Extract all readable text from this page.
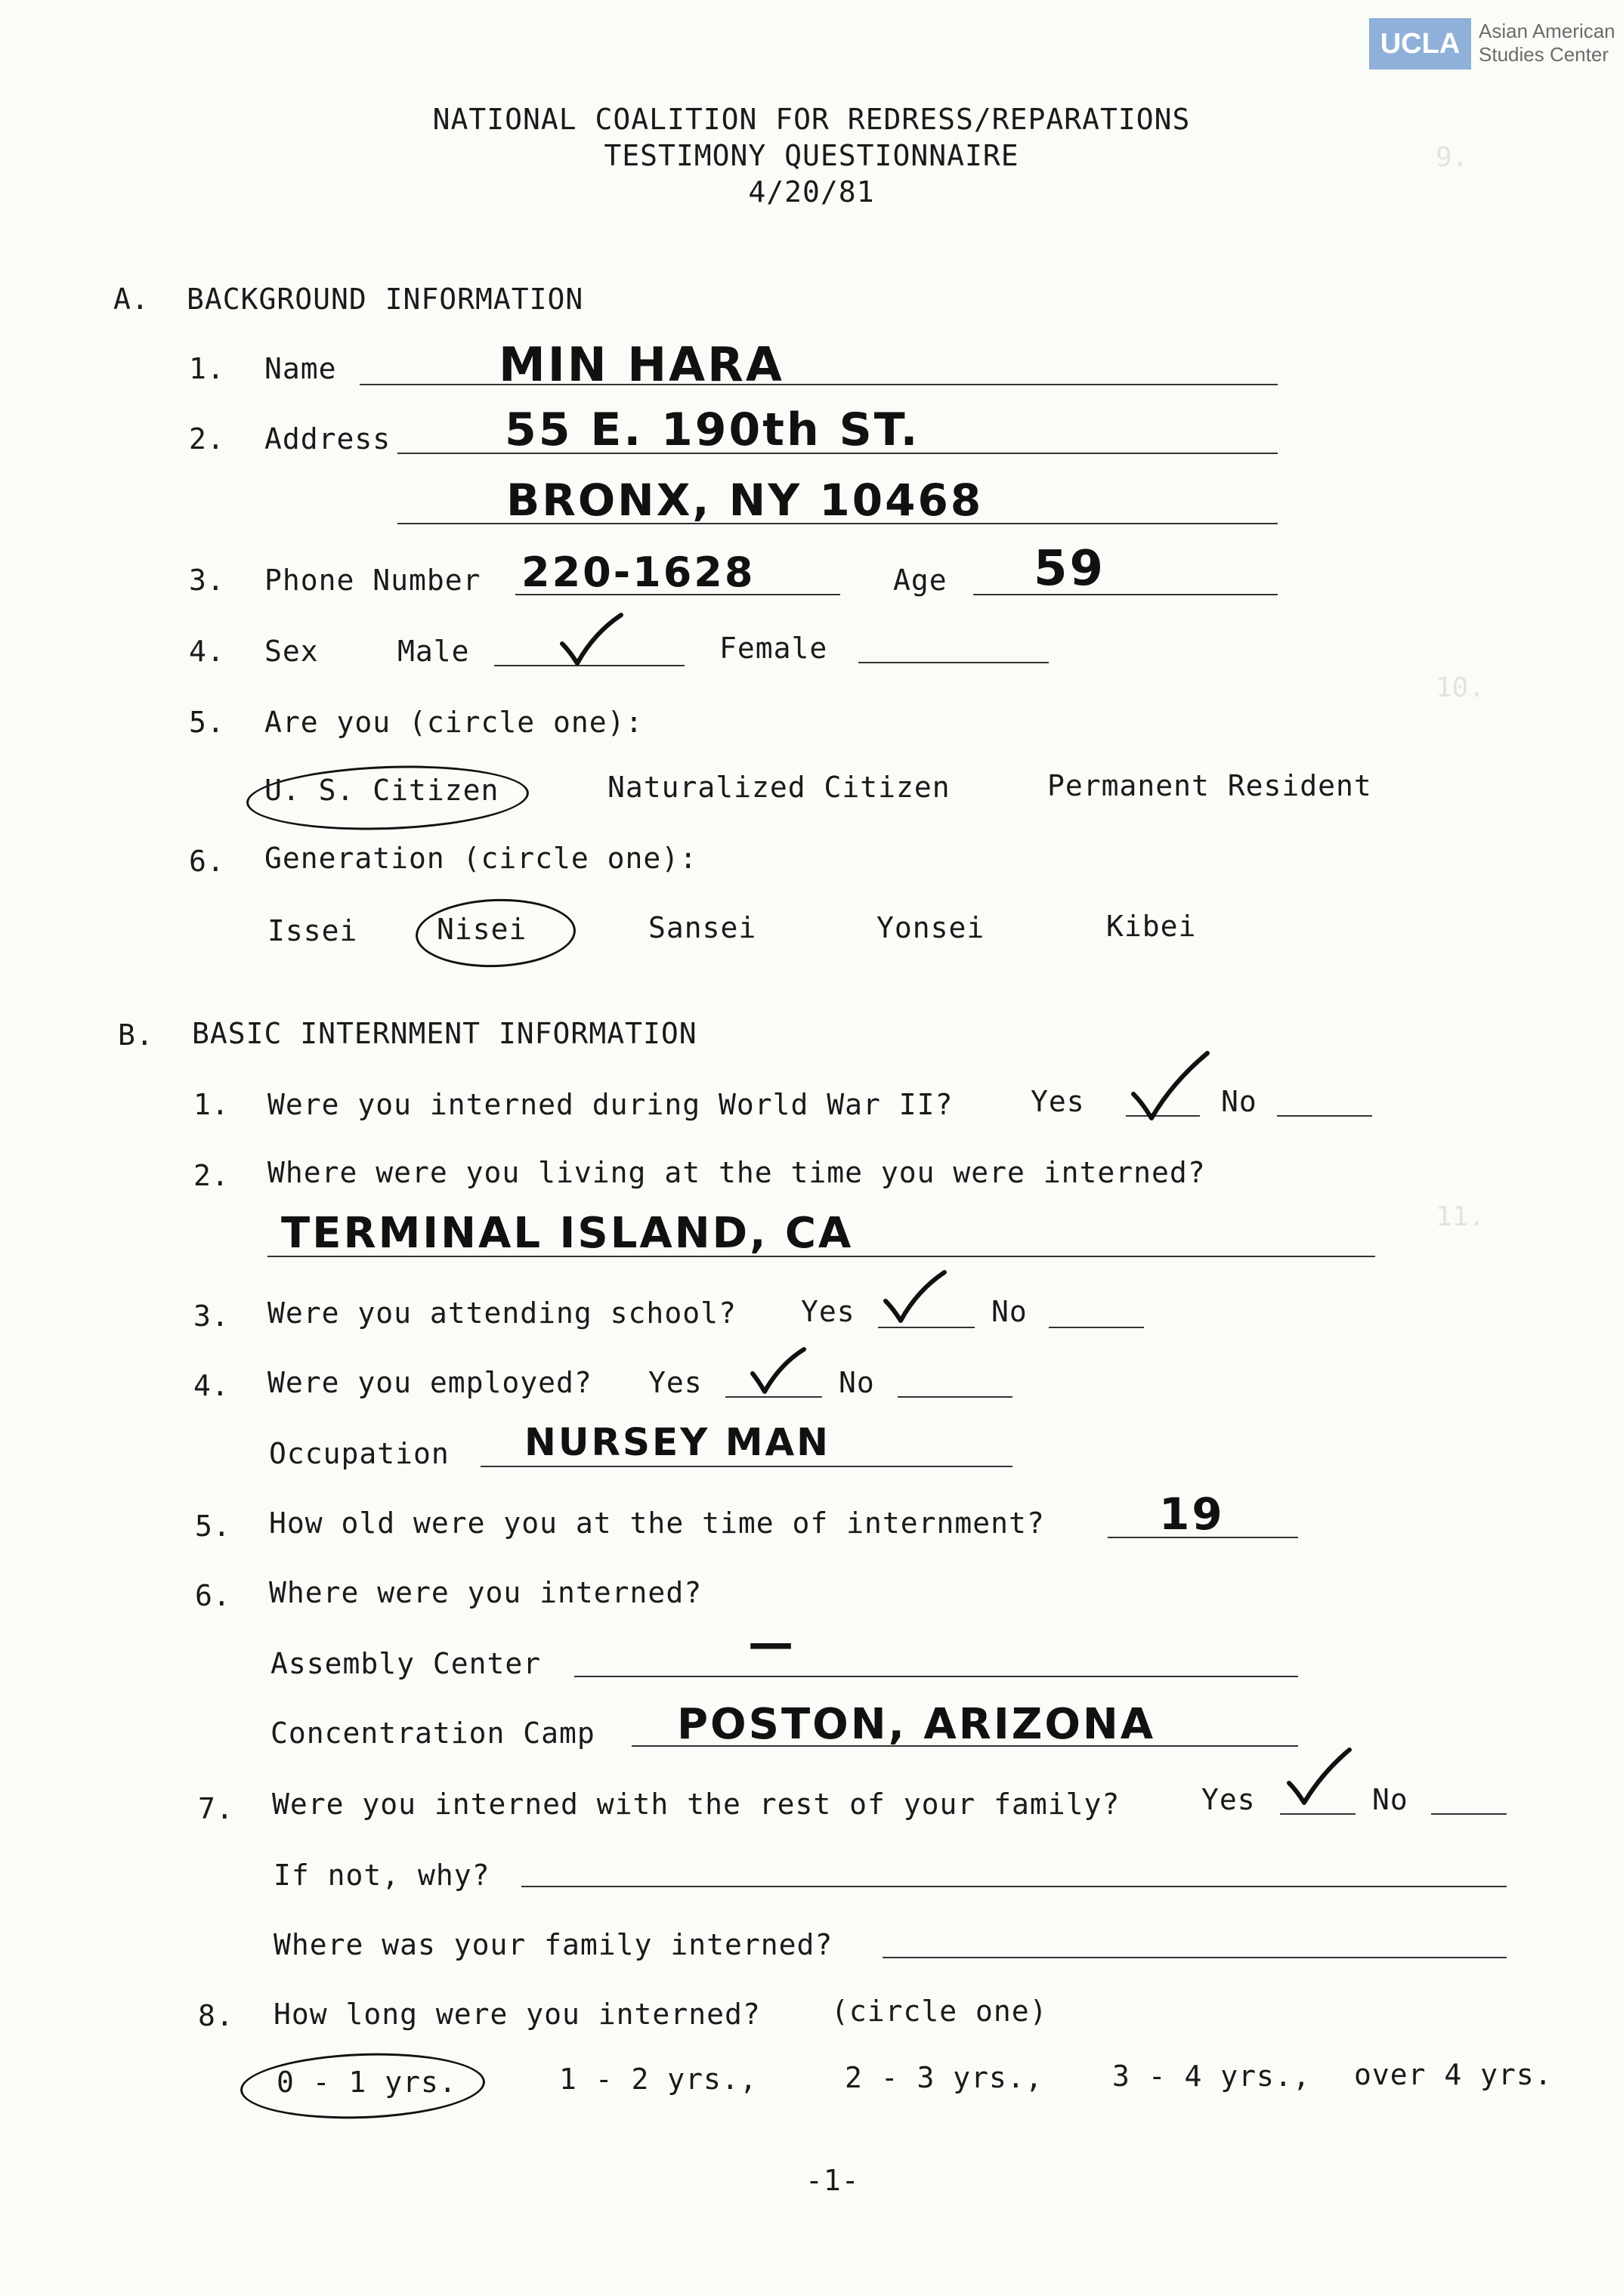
9.
10.
11.
UCLA Asian American
Studies Center
NATIONAL COALITION FOR REDRESS/REPARATIONS
TESTIMONY QUESTIONNAIRE
4/20/81
A. BACKGROUND INFORMATION
1. Name	MIN HARA
2. Address	55 E. 190th ST.
BRONX, NY 10468
3. Phone Number 220-1628	Age 59
4. Sex	Male	Female
5. Are you (circle one):
U. S. Citizen	Naturalized Citizen	Permanent Resident
6. Generation (circle one):
Issei	Nisei	Sansei	Yonsei	Kibei
B. BASIC INTERNMENT INFORMATION
1. Were you interned during World War II?	Yes	No
2. Where were you living at the time you were interned?
TERMINAL ISLAND, CA
3. Were you attending school? Yes	No
4. Were you employed? Yes	No
Occupation NURSEY MAN
5. How old were you at the time of internment?	19
6. Where were you interned?
Assembly Center	—
Concentration Camp POSTON, ARIZONA
7. Were you interned with the rest of your family?	Yes	No
If not, why?
Where was your family interned?
8. How long were you interned? (circle one)
0 - 1 yrs.	1 - 2 yrs.,	2 - 3 yrs., 3 - 4 yrs., over 4 yrs.
-1-
